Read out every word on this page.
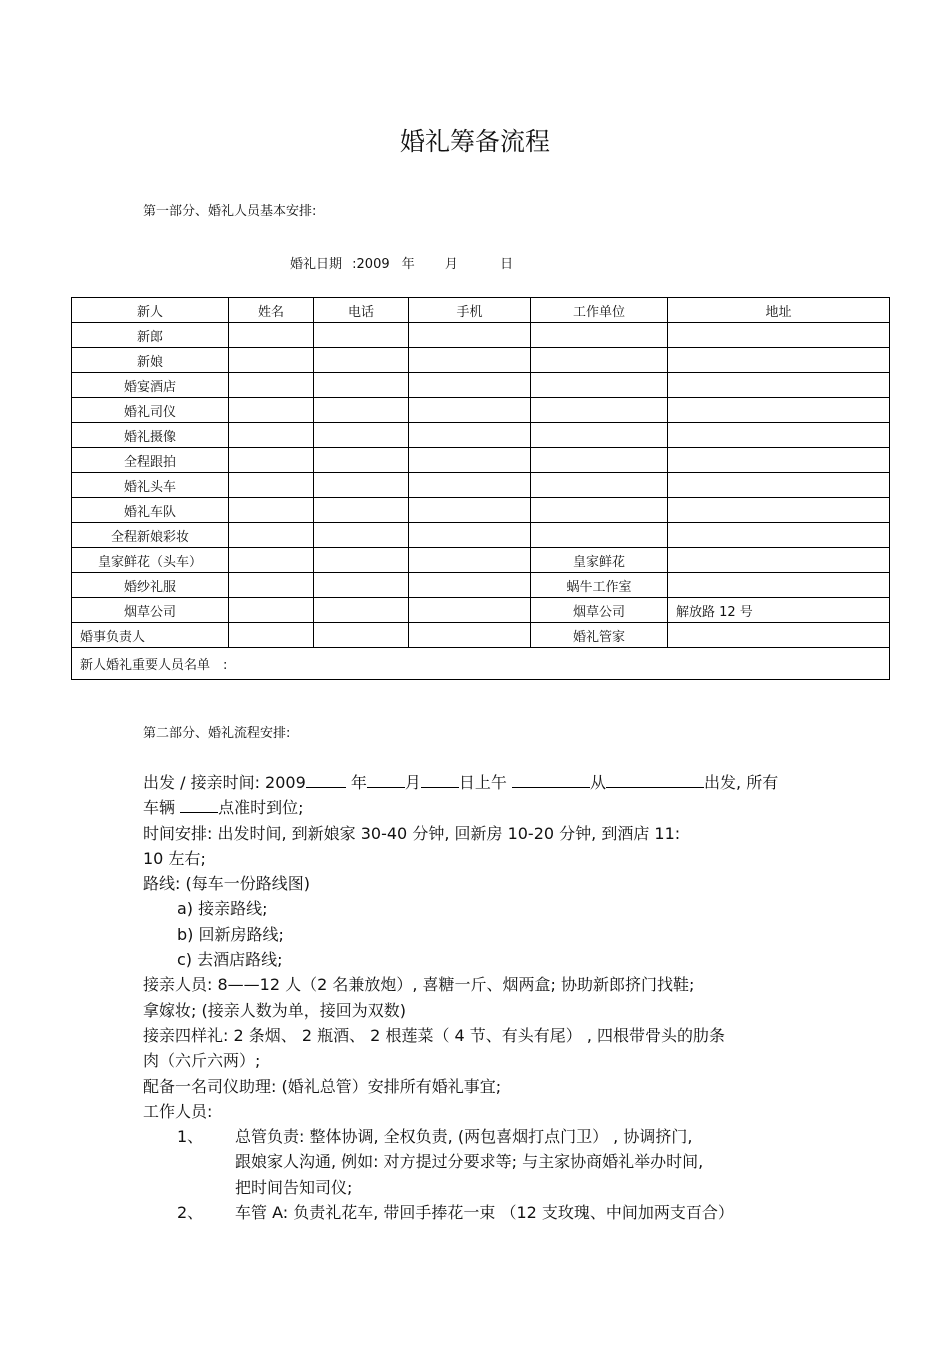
婚礼筹备流程
第一部分、婚礼人员基本安排:
婚礼日期 :2009 年 月	日
新人	姓名	电话	手机	工作单位	地址
新郎					
新娘					
婚宴酒店					
婚礼司仪					
婚礼摄像					
全程跟拍					
婚礼头车					
婚礼车队					
全程新娘彩妆					
皇家鲜花（头车）				皇家鲜花	
婚纱礼服				蜗牛工作室	
烟草公司				烟草公司	解放路 12 号
婚事负责人				婚礼管家	
新人婚礼重要人员名单　:					
第二部分、婚礼流程安排:
出发 / 接亲时间: 2009	年 月 日上午	从	出发, 所有
车辆	点准时到位;
时间安排: 出发时间, 到新娘家 30-40 分钟, 回新房 10-20 分钟, 到酒店 11:
10 左右;
路线: (每车一份路线图)
a) 接亲路线;
b) 回新房路线;
c) 去酒店路线;
接亲人员: 8——12 人（2 名兼放炮）, 喜糖一斤、烟两盒; 协助新郎挤门找鞋;
拿嫁妆; (接亲人数为单，接回为双数)
接亲四样礼: 2 条烟、 2 瓶酒、 2 根莲菜（ 4 节、有头有尾） , 四根带骨头的肋条
肉（六斤六两）;
配备一名司仪助理: (婚礼总管）安排所有婚礼事宜;
工作人员:
1、 总管负责: 整体协调, 全权负责, (两包喜烟打点门卫） , 协调挤门,
跟娘家人沟通, 例如: 对方提过分要求等; 与主家协商婚礼举办时间,
把时间告知司仪;
2、 车管 A: 负责礼花车, 带回手捧花一束 （12 支玫瑰、中间加两支百合）
